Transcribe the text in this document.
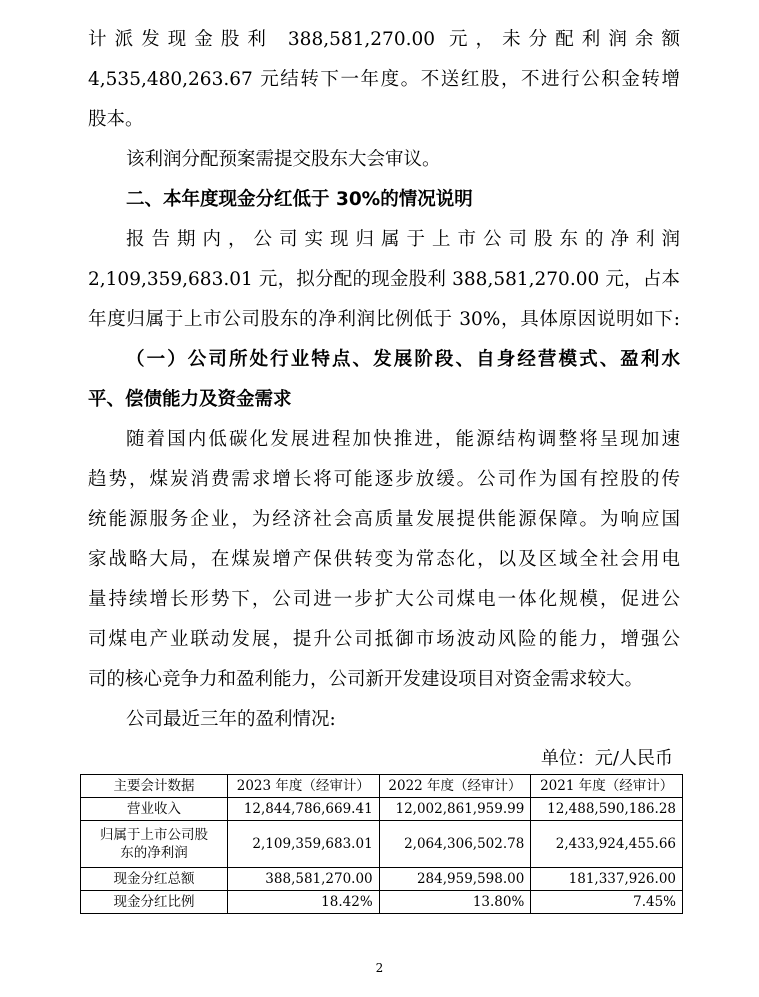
计派发现金股利 388,581,270.00 元，未分配利润余额
4,535,480,263.67 元结转下一年度。不送红股，不进行公积金转增
股本。
该利润分配预案需提交股东大会审议。
二、本年度现金分红低于 30%的情况说明
报告期内，公司实现归属于上市公司股东的净利润
2,109,359,683.01 元，拟分配的现金股利 388,581,270.00 元，占本
年度归属于上市公司股东的净利润比例低于 30%，具体原因说明如下:
（一）公司所处行业特点、发展阶段、自身经营模式、盈利水
平、偿债能力及资金需求
随着国内低碳化发展进程加快推进，能源结构调整将呈现加速
趋势，煤炭消费需求增长将可能逐步放缓。公司作为国有控股的传
统能源服务企业，为经济社会高质量发展提供能源保障。为响应国
家战略大局，在煤炭增产保供转变为常态化，以及区域全社会用电
量持续增长形势下，公司进一步扩大公司煤电一体化规模，促进公
司煤电产业联动发展，提升公司抵御市场波动风险的能力，增强公
司的核心竞争力和盈利能力，公司新开发建设项目对资金需求较大。
公司最近三年的盈利情况:
单位：元/人民币
主要会计数据	2023 年度（经审计）	2022 年度（经审计）	2021 年度（经审计）
营业收入	12,844,786,669.41	12,002,861,959.99	12,488,590,186.28

归属于上市公司股
东的净利润	2,109,359,683.01	2,064,306,502.78	2,433,924,455.66
现金分红总额	388,581,270.00	284,959,598.00	181,337,926.00
现金分红比例	18.42%	13.80%	7.45%
2
